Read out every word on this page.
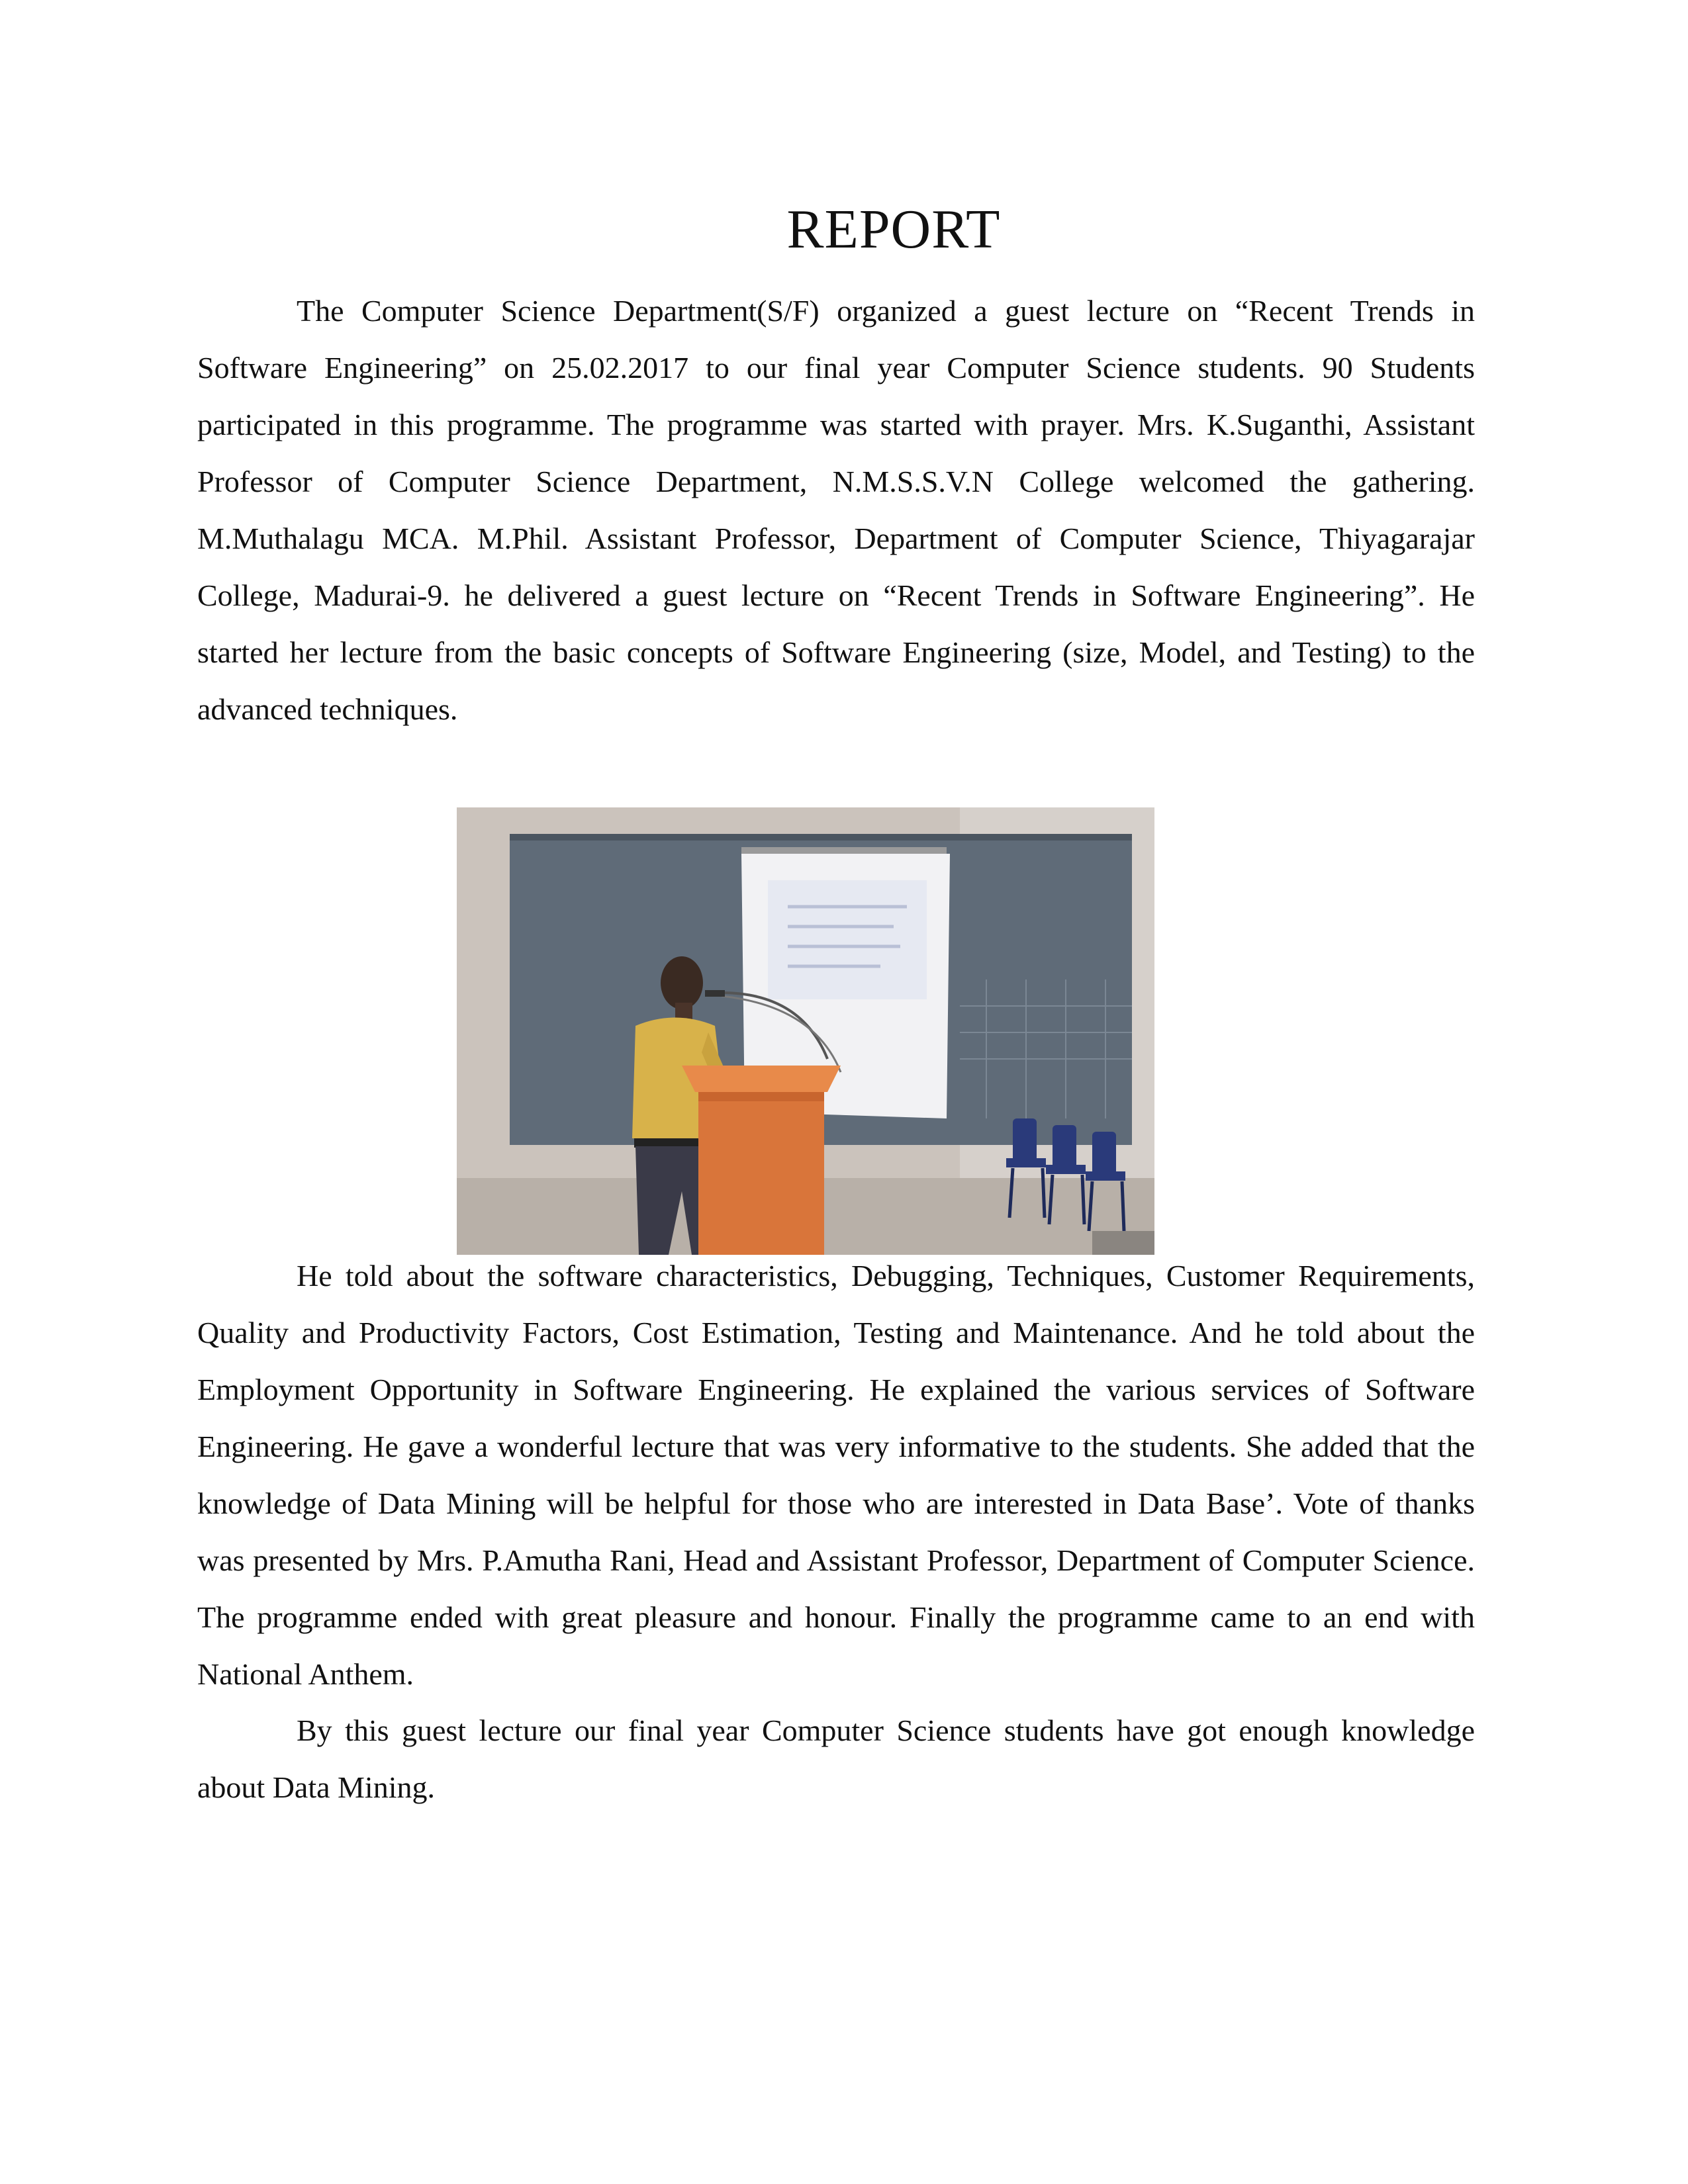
REPORT

The Computer Science Department(S/F) organized a guest lecture on “Recent Trends in Software Engineering” on 25.02.2017 to our final year Computer Science students. 90 Students participated in this programme. The programme was started with prayer. Mrs. K.Suganthi, Assistant Professor of Computer Science Department, N.M.S.S.V.N College welcomed the gathering. M.Muthalagu MCA. M.Phil. Assistant Professor, Department of Computer Science, Thiyagarajar College, Madurai-9. he delivered a guest lecture on “Recent Trends in Software Engineering”. He started her lecture from the basic concepts of Software Engineering (size, Model, and Testing) to the advanced techniques.

He told about the software characteristics, Debugging, Techniques, Customer Requirements, Quality and Productivity Factors, Cost Estimation, Testing and Maintenance. And he told about the Employment Opportunity in Software Engineering. He explained the various services of Software Engineering. He gave a wonderful lecture that was very informative to the students. She added that the knowledge of Data Mining will be helpful for those who are interested in Data Base’. Vote of thanks was presented by Mrs. P.Amutha Rani, Head and Assistant Professor, Department of Computer Science. The programme ended with great pleasure and honour. Finally the programme came to an end with National Anthem.

By this guest lecture our final year Computer Science students have got enough knowledge about Data Mining.
